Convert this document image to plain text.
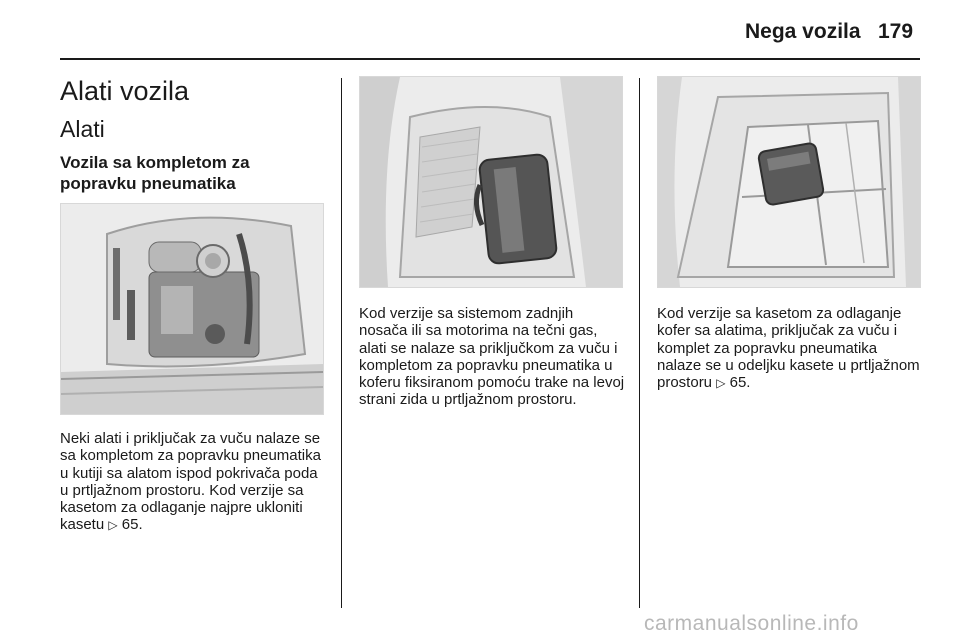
Nega vozila 179
Alati vozila
Alati
Vozila sa kompletom za popravku pneumatika

Neki alati i priključak za vuču nalaze se sa kompletom za popravku pneumatika u kutiji sa alatom ispod pokrivača poda u prtljažnom prostoru. Kod verzije sa kasetom za odlaganje najpre ukloniti kasetu ▷ 65.

Kod verzije sa sistemom zadnjih nosača ili sa motorima na tečni gas, alati se nalaze sa priključkom za vuču i kompletom za popravku pneumatika u koferu fiksiranom pomoću trake na levoj strani zida u prtljažnom prostoru.

Kod verzije sa kasetom za odlaganje kofer sa alatima, priključak za vuču i komplet za popravku pneumatika nalaze se u odeljku kasete u prtljažnom prostoru ▷ 65.

carmanualsonline.info
